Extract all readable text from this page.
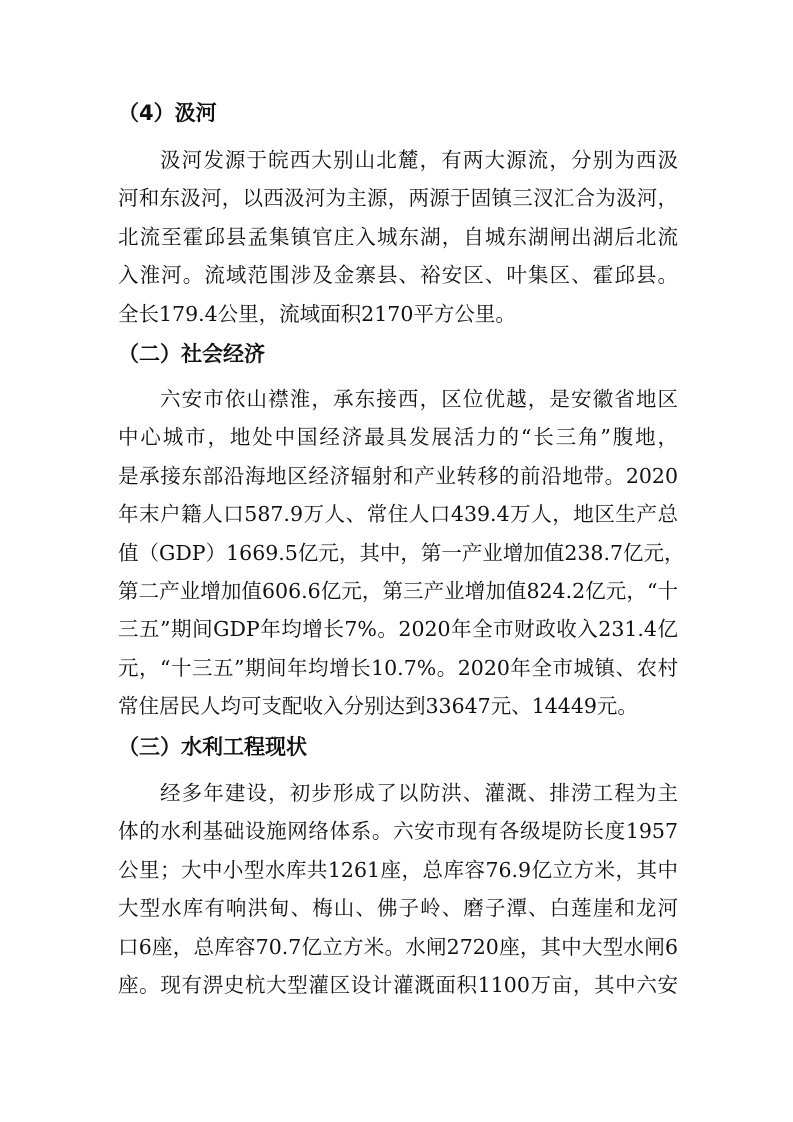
（4）汲河
汲河发源于皖西大别山北麓，有两大源流，分别为西汲
河和东汲河，以西汲河为主源，两源于固镇三汊汇合为汲河，
北流至霍邱县孟集镇官庄入城东湖，自城东湖闸出湖后北流
入淮河。流域范围涉及金寨县、裕安区、叶集区、霍邱县。
全长179.4公里，流域面积2170平方公里。
（二）社会经济
六安市依山襟淮，承东接西，区位优越，是安徽省地区
中心城市，地处中国经济最具发展活力的“长三角”腹地，
是承接东部沿海地区经济辐射和产业转移的前沿地带。2020
年末户籍人口587.9万人、常住人口439.4万人，地区生产总
值（GDP）1669.5亿元，其中，第一产业增加值238.7亿元，
第二产业增加值606.6亿元，第三产业增加值824.2亿元，“十
三五”期间GDP年均增长7%。2020年全市财政收入231.4亿
元，“十三五”期间年均增长10.7%。2020年全市城镇、农村
常住居民人均可支配收入分别达到33647元、14449元。
（三）水利工程现状
经多年建设，初步形成了以防洪、灌溉、排涝工程为主
体的水利基础设施网络体系。六安市现有各级堤防长度1957
公里；大中小型水库共1261座，总库容76.9亿立方米，其中
大型水库有响洪甸、梅山、佛子岭、磨子潭、白莲崖和龙河
口6座，总库容70.7亿立方米。水闸2720座，其中大型水闸6
座。现有淠史杭大型灌区设计灌溉面积1100万亩，其中六安
